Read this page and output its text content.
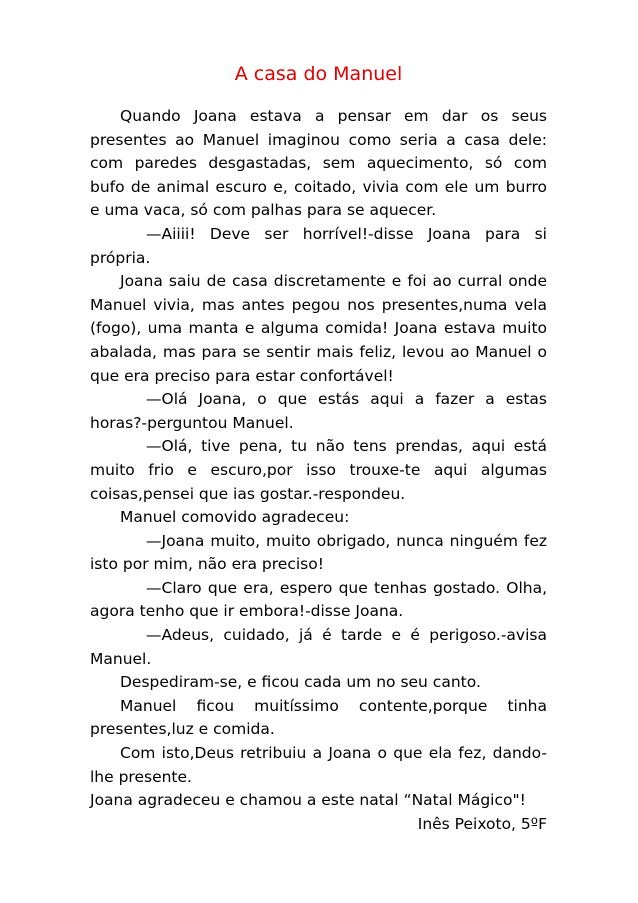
A casa do Manuel

Quando Joana estava a pensar em dar os seus presentes ao Manuel imaginou como seria a casa dele: com paredes desgastadas, sem aquecimento, só com bufo de animal escuro e, coitado, vivia com ele um burro e uma vaca, só com palhas para se aquecer.

—Aiiii! Deve ser horrível!-disse Joana para si própria.

Joana saiu de casa discretamente e foi ao curral onde Manuel vivia, mas antes pegou nos presentes,numa vela (fogo), uma manta e alguma comida! Joana estava muito abalada, mas para se sentir mais feliz, levou ao Manuel o que era preciso para estar confortável!

—Olá Joana, o que estás aqui a fazer a estas horas?-perguntou Manuel.

—Olá, tive pena, tu não tens prendas, aqui está muito frio e escuro,por isso trouxe-te aqui algumas coisas,pensei que ias gostar.-respondeu.

Manuel comovido agradeceu:

—Joana muito, muito obrigado, nunca ninguém fez isto por mim, não era preciso!

—Claro que era, espero que tenhas gostado. Olha, agora tenho que ir embora!-disse Joana.

—Adeus, cuidado, já é tarde e é perigoso.-avisa Manuel.

Despediram-se, e ficou cada um no seu canto.

Manuel ficou muitíssimo contente,porque tinha presentes,luz e comida.

Com isto,Deus retribuiu a Joana o que ela fez, dando-lhe presente.

Joana agradeceu e chamou a este natal “Natal Mágico"!

Inês Peixoto, 5ºF
